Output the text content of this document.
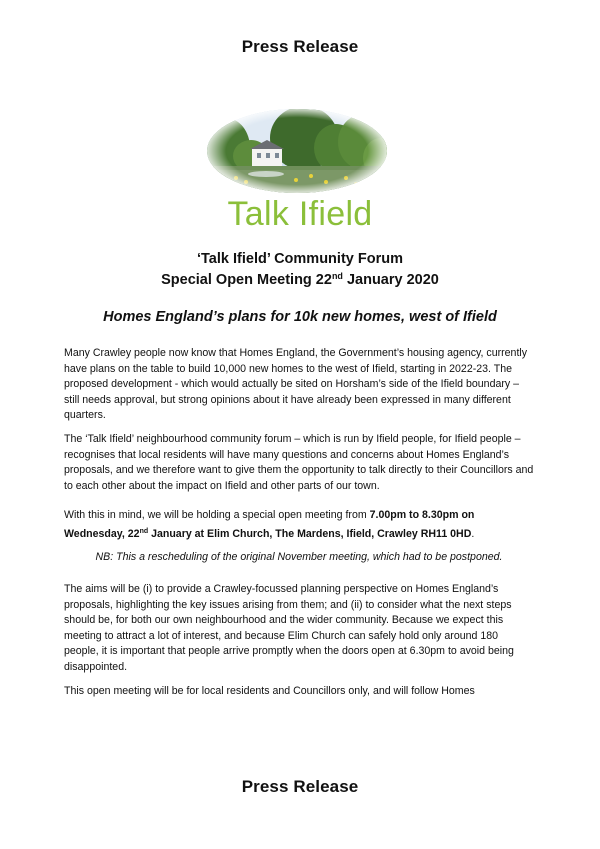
Press Release
Talk Ifield
‘Talk Ifield’ Community Forum
Special Open Meeting 22nd January 2020
Homes England’s plans for 10k new homes, west of Ifield

Many Crawley people now know that Homes England, the Government’s housing agency, currently have plans on the table to build 10,000 new homes to the west of Ifield, starting in 2022-23. The proposed development - which would actually be sited on Horsham’s side of the Ifield boundary – still needs approval, but strong opinions about it have already been expressed in many different quarters.

The ‘Talk Ifield’ neighbourhood community forum – which is run by Ifield people, for Ifield people – recognises that local residents will have many questions and concerns about Homes England’s proposals, and we therefore want to give them the opportunity to talk directly to their Councillors and to each other about the impact on Ifield and other parts of our town.

With this in mind, we will be holding a special open meeting from 7.00pm to 8.30pm on Wednesday, 22nd January at Elim Church, The Mardens, Ifield, Crawley RH11 0HD.

NB: This a rescheduling of the original November meeting, which had to be postponed.

The aims will be (i) to provide a Crawley-focussed planning perspective on Homes England’s proposals, highlighting the key issues arising from them; and (ii) to consider what the next steps should be, for both our own neighbourhood and the wider community. Because we expect this meeting to attract a lot of interest, and because Elim Church can safely hold only around 180 people, it is important that people arrive promptly when the doors open at 6.30pm to avoid being disappointed.

This open meeting will be for local residents and Councillors only, and will follow Homes

Press Release
